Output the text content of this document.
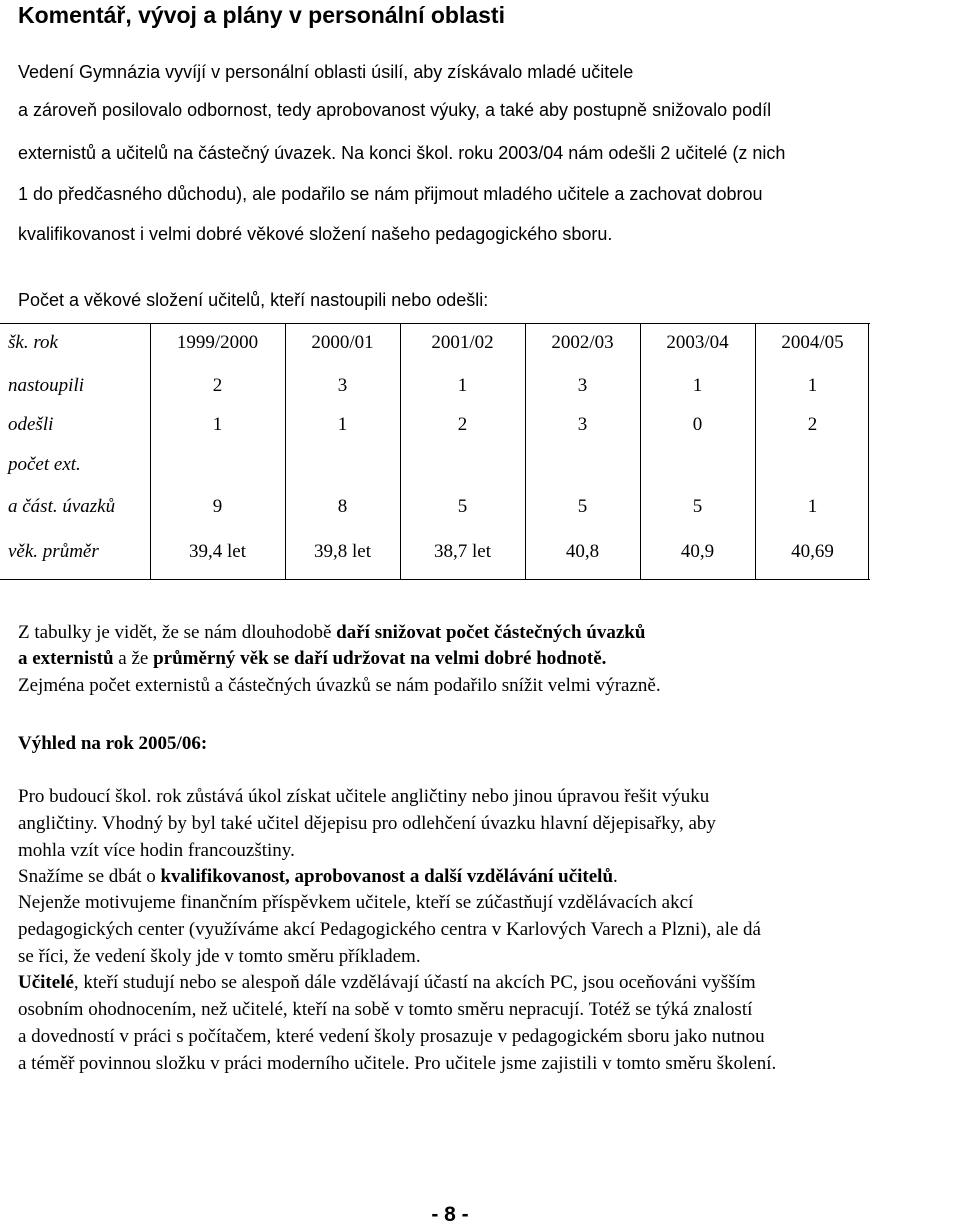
Komentář, vývoj a plány v personální oblasti
Vedení Gymnázia vyvíjí v personální oblasti úsilí, aby získávalo mladé učitele
a zároveň posilovalo odbornost, tedy aprobovanost výuky, a také aby postupně snižovalo podíl
externistů a učitelů na částečný úvazek. Na konci škol. roku 2003/04 nám odešli 2 učitelé (z nich
1 do předčasného důchodu), ale podařilo se nám přijmout mladého učitele a zachovat dobrou
kvalifikovanost i velmi dobré věkové složení našeho pedagogického sboru.
Počet a věkové složení učitelů, kteří nastoupili nebo odešli:
šk. rok	1999/2000	2000/01	2001/02	2002/03	2003/04	2004/05
nastoupili	2	3	1	3	1	1
odešli	1	1	2	3	0	2
počet ext.
a část. úvazků	9	8	5	5	5	1
věk. průměr	39,4 let	39,8 let	38,7 let	40,8	40,9	40,69
Z tabulky je vidět, že se nám dlouhodobě daří snižovat počet částečných úvazků
a externistů a že průměrný věk se daří udržovat na velmi dobré hodnotě.
Zejména počet externistů a částečných úvazků se nám podařilo snížit velmi výrazně.
Výhled na rok 2005/06:
Pro budoucí škol. rok zůstává úkol získat učitele angličtiny nebo jinou úpravou řešit výuku
angličtiny. Vhodný by byl také učitel dějepisu pro odlehčení úvazku hlavní dějepisařky, aby
mohla vzít více hodin francouzštiny.
Snažíme se dbát o kvalifikovanost, aprobovanost a další vzdělávání učitelů.
Nejenže motivujeme finančním příspěvkem učitele, kteří se zúčastňují vzdělávacích akcí
pedagogických center (využíváme akcí Pedagogického centra v Karlových Varech a Plzni), ale dá
se říci, že vedení školy jde v tomto směru příkladem.
Učitelé, kteří studují nebo se alespoň dále vzdělávají účastí na akcích PC, jsou oceňováni vyšším
osobním ohodnocením, než učitelé, kteří na sobě v tomto směru nepracují. Totéž se týká znalostí
a dovedností v práci s počítačem, které vedení školy prosazuje v pedagogickém sboru jako nutnou
a téměř povinnou složku v práci moderního učitele. Pro učitele jsme zajistili v tomto směru školení.
- 8 -
